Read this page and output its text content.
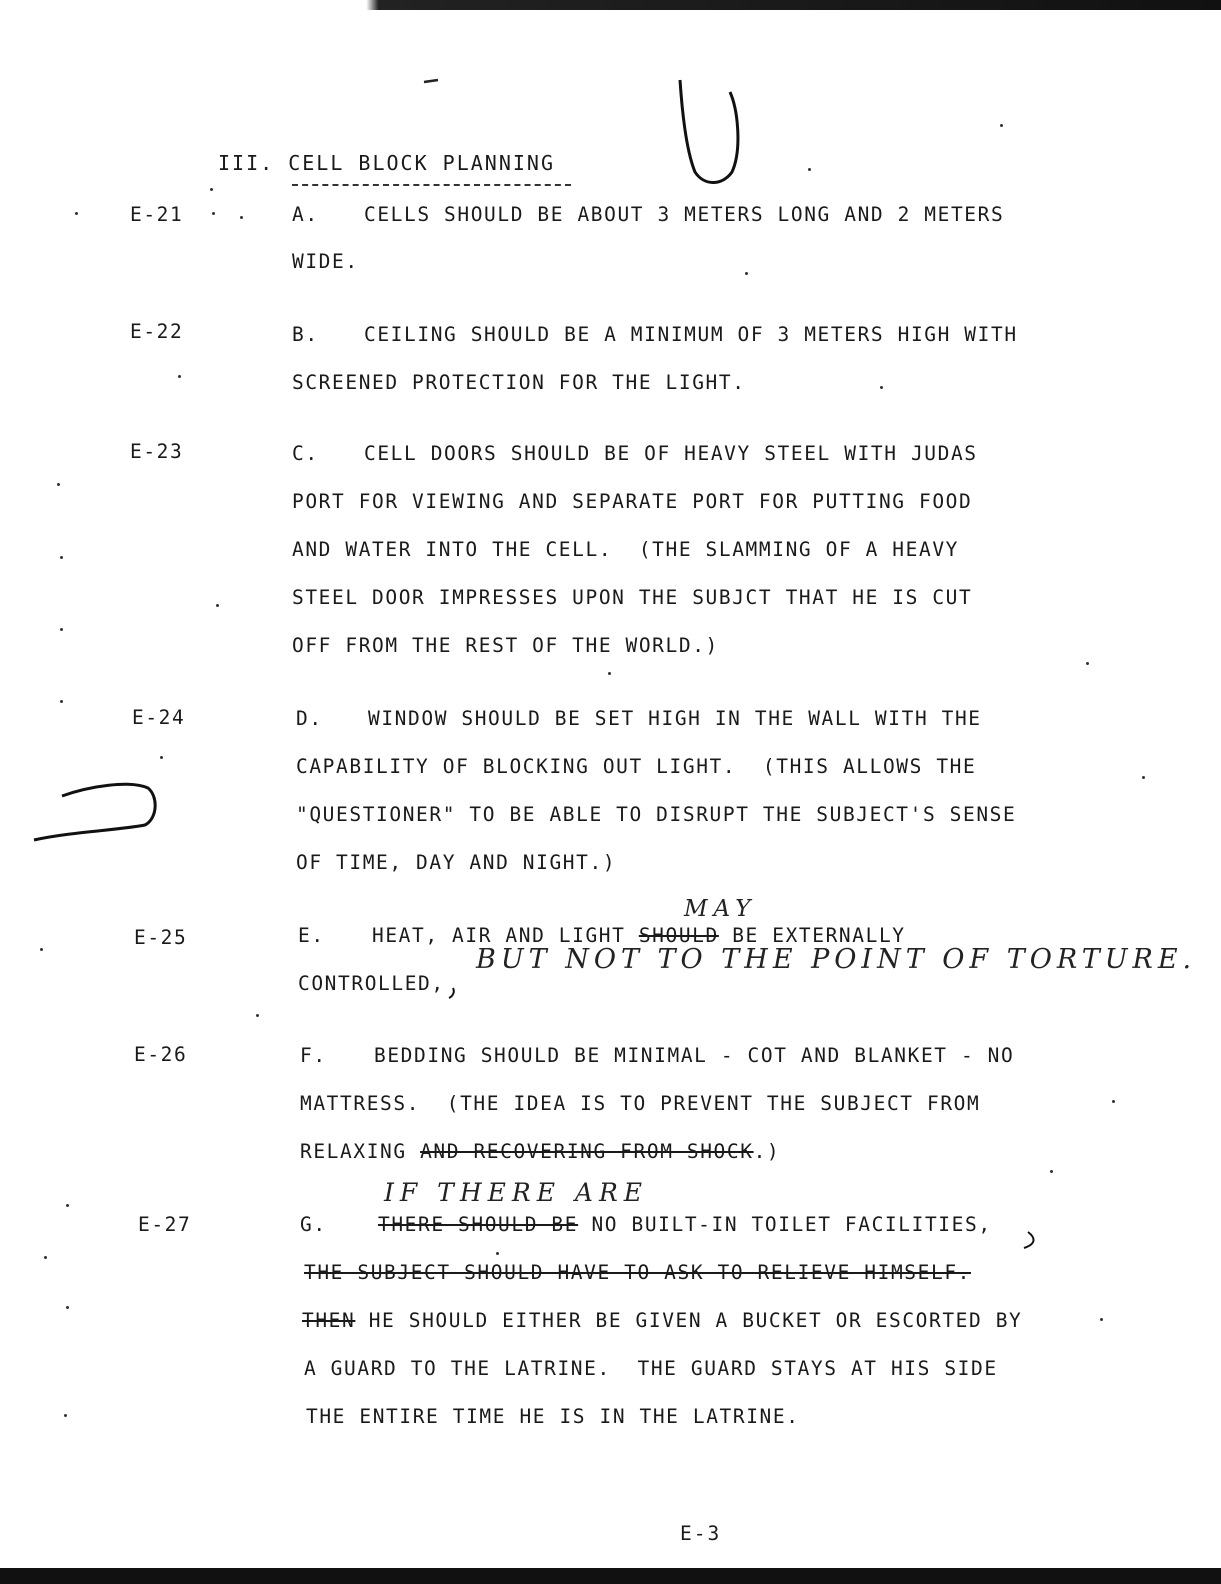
III. CELL BLOCK PLANNING
E-21	A. CELLS SHOULD BE ABOUT 3 METERS LONG AND 2 METERS
WIDE.
E-22	B. CEILING SHOULD BE A MINIMUM OF 3 METERS HIGH WITH
SCREENED PROTECTION FOR THE LIGHT.
E-23	C. CELL DOORS SHOULD BE OF HEAVY STEEL WITH JUDAS
PORT FOR VIEWING AND SEPARATE PORT FOR PUTTING FOOD
AND WATER INTO THE CELL.  (THE SLAMMING OF A HEAVY
STEEL DOOR IMPRESSES UPON THE SUBJCT THAT HE IS CUT
OFF FROM THE REST OF THE WORLD.)
E-24	D. WINDOW SHOULD BE SET HIGH IN THE WALL WITH THE
CAPABILITY OF BLOCKING OUT LIGHT.  (THIS ALLOWS THE
"QUESTIONER" TO BE ABLE TO DISRUPT THE SUBJECT'S SENSE
OF TIME, DAY AND NIGHT.)
E-25
MAY
E. HEAT, AIR AND LIGHT SHOULD BE EXTERNALLY
CONTROLLED,
BUT NOT TO THE POINT OF TORTURE.
E-26	F. BEDDING SHOULD BE MINIMAL - COT AND BLANKET - NO
MATTRESS.  (THE IDEA IS TO PREVENT THE SUBJECT FROM
RELAXING AND RECOVERING FROM SHOCK.)
IF THERE ARE
E-27	G.	THERE SHOULD BE NO BUILT-IN TOILET FACILITIES,
THE SUBJECT SHOULD HAVE TO ASK TO RELIEVE HIMSELF.
THEN HE SHOULD EITHER BE GIVEN A BUCKET OR ESCORTED BY
A GUARD TO THE LATRINE.  THE GUARD STAYS AT HIS SIDE
THE ENTIRE TIME HE IS IN THE LATRINE.
E-3
